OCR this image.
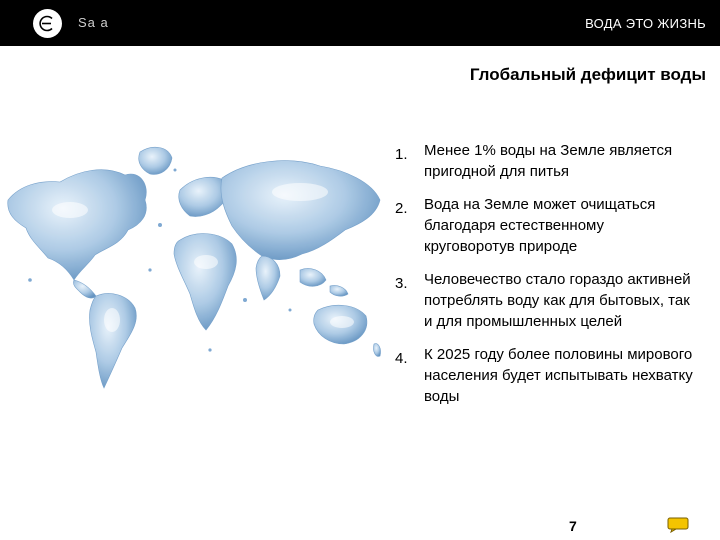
Sa a	ВОДА ЭТО ЖИЗНЬ
Глобальный дефицит воды
1. Менее 1% воды на Земле является пригодной для питья
2. Вода на Земле может очищаться благодаря естественному круговоротув природе
3. Человечество стало гораздо активней потреблять воду как для бытовых, так и для промышленных целей
4. К 2025 году более половины мирового населения будет испытывать нехватку воды
7
